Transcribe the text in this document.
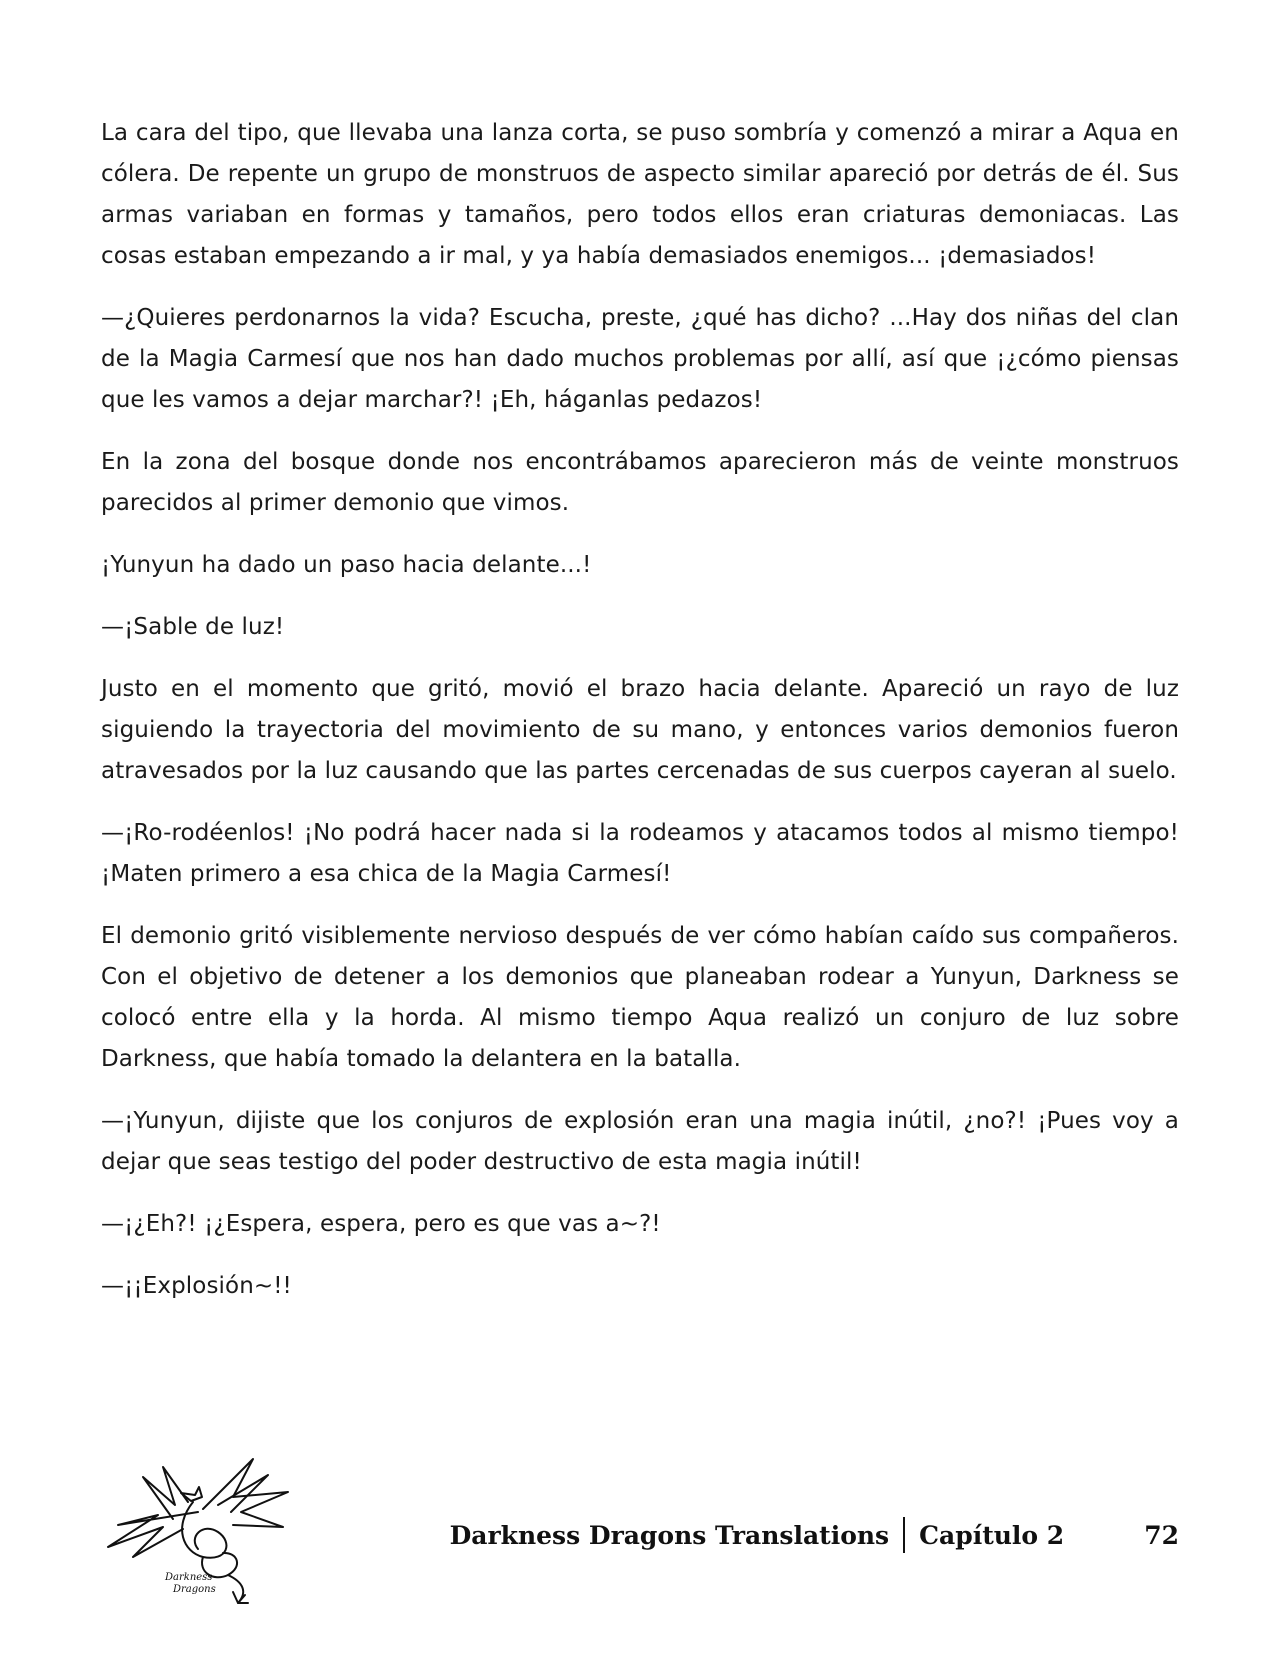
La cara del tipo, que llevaba una lanza corta, se puso sombría y comenzó a mirar a Aqua en cólera. De repente un grupo de monstruos de aspecto similar apareció por detrás de él. Sus armas variaban en formas y tamaños, pero todos ellos eran criaturas demoniacas. Las cosas estaban empezando a ir mal, y ya había demasiados enemigos... ¡demasiados!

—¿Quieres perdonarnos la vida? Escucha, preste, ¿qué has dicho? ...Hay dos niñas del clan de la Magia Carmesí que nos han dado muchos problemas por allí, así que ¡¿cómo piensas que les vamos a dejar marchar?! ¡Eh, háganlas pedazos!

En la zona del bosque donde nos encontrábamos aparecieron más de veinte monstruos parecidos al primer demonio que vimos.

¡Yunyun ha dado un paso hacia delante...!

—¡Sable de luz!

Justo en el momento que gritó, movió el brazo hacia delante. Apareció un rayo de luz siguiendo la trayectoria del movimiento de su mano, y entonces varios demonios fueron atravesados por la luz causando que las partes cercenadas de sus cuerpos cayeran al suelo.

—¡Ro-rodéenlos! ¡No podrá hacer nada si la rodeamos y atacamos todos al mismo tiempo! ¡Maten primero a esa chica de la Magia Carmesí!

El demonio gritó visiblemente nervioso después de ver cómo habían caído sus compañeros. Con el objetivo de detener a los demonios que planeaban rodear a Yunyun, Darkness se colocó entre ella y la horda. Al mismo tiempo Aqua realizó un conjuro de luz sobre Darkness, que había tomado la delantera en la batalla.

—¡Yunyun, dijiste que los conjuros de explosión eran una magia inútil, ¿no?! ¡Pues voy a dejar que seas testigo del poder destructivo de esta magia inútil!

—¡¿Eh?! ¡¿Espera, espera, pero es que vas a~?!

—¡¡Explosión~!!

Darkness
Dragons
Darkness Dragons Translations Capítulo 2	72
